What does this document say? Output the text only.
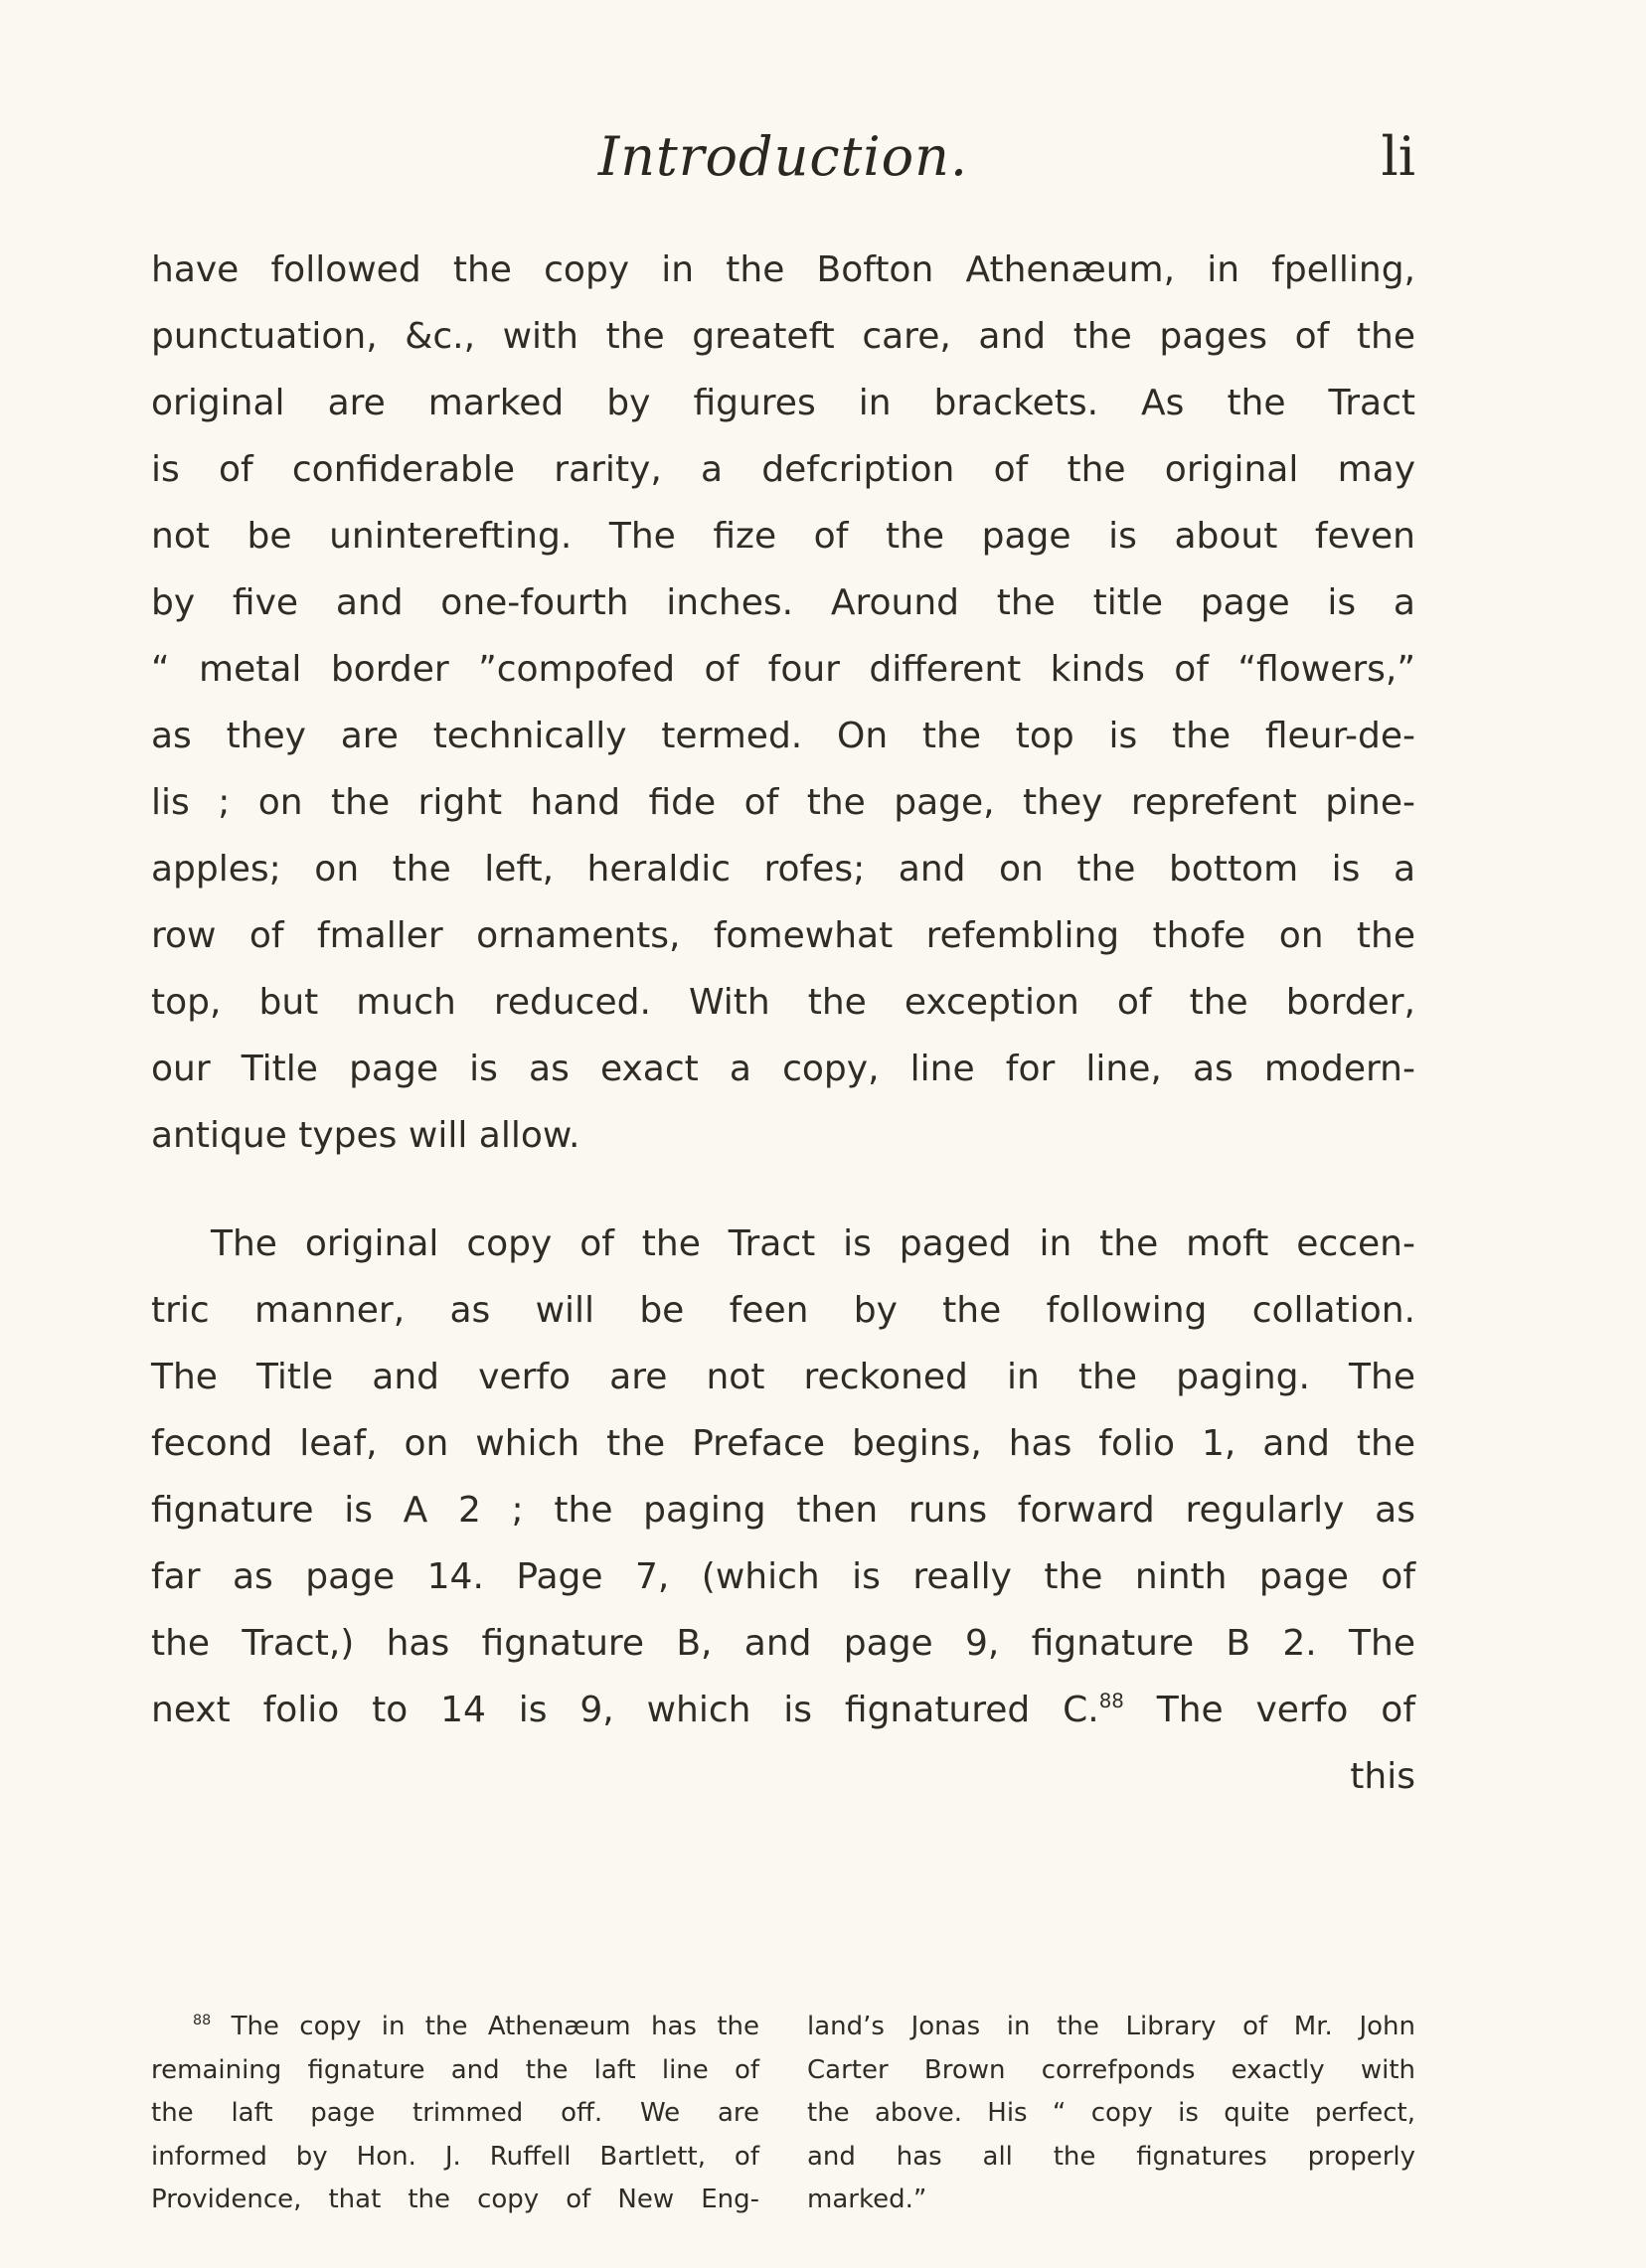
Introduction.	li
have followed the copy in the Bofton Athenæum, in fpelling,
punctuation, &c., with the greateft care, and the pages of the
original are marked by figures in brackets. As the Tract
is of confiderable rarity, a defcription of the original may
not be uninterefting. The fize of the page is about feven
by five and one-fourth inches. Around the title page is a
“ metal border ”compofed of four different kinds of “flowers,”
as they are technically termed. On the top is the fleur-de-
lis ; on the right hand fide of the page, they reprefent pine-
apples; on the left, heraldic rofes; and on the bottom is a
row of fmaller ornaments, fomewhat refembling thofe on the
top, but much reduced. With the exception of the border,
our Title page is as exact a copy, line for line, as modern-
antique types will allow.
The original copy of the Tract is paged in the moft eccen-
tric manner, as will be feen by the following collation.
The Title and verfo are not reckoned in the paging. The
fecond leaf, on which the Preface begins, has folio 1, and the
fignature is A 2 ; the paging then runs forward regularly as
far as page 14. Page 7, (which is really the ninth page of
the Tract,) has fignature B, and page 9, fignature B 2. The
next folio to 14 is 9, which is fignatured C.$^{88}$ The verfo of
this
$^{88}$ The copy in the Athenæum has the
remaining fignature and the laft line of
the laft page trimmed off. We are
informed by Hon. J. Ruffell Bartlett, of
Providence, that the copy of New Eng-
land’s Jonas in the Library of Mr. John
Carter Brown correfponds exactly with
the above. His “ copy is quite perfect,
and has all the fignatures properly
marked.”
